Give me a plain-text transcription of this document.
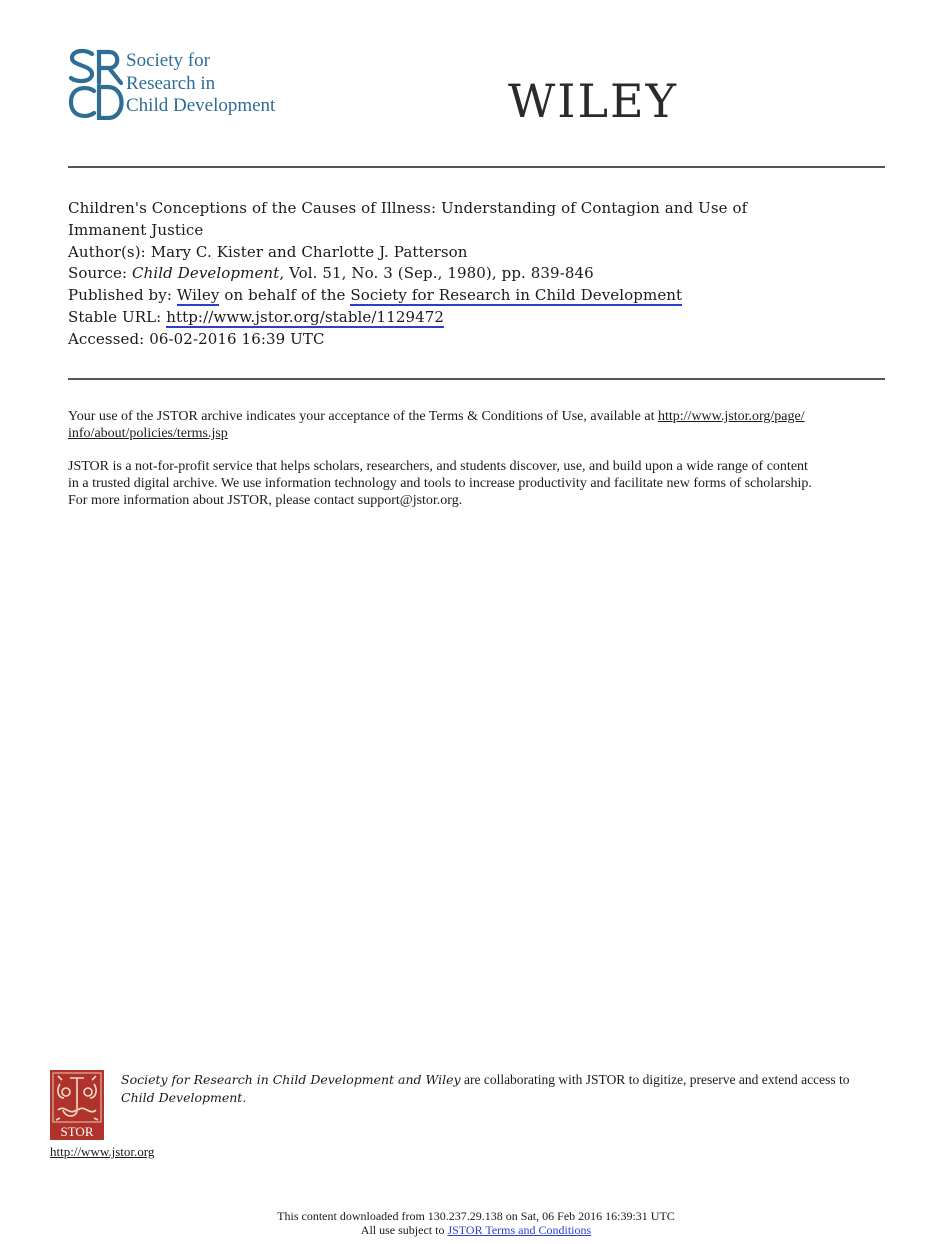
Society for
Research in
Child Development	WILEY
Children's Conceptions of the Causes of Illness: Understanding of Contagion and Use of Immanent Justice
Author(s): Mary C. Kister and Charlotte J. Patterson
Source: Child Development, Vol. 51, No. 3 (Sep., 1980), pp. 839-846
Published by: Wiley on behalf of the Society for Research in Child Development
Stable URL: http://www.jstor.org/stable/1129472
Accessed: 06-02-2016 16:39 UTC

Your use of the JSTOR archive indicates your acceptance of the Terms & Conditions of Use, available at http://www.jstor.org/page/
info/about/policies/terms.jsp

JSTOR is a not-for-profit service that helps scholars, researchers, and students discover, use, and build upon a wide range of content

in a trusted digital archive. We use information technology and tools to increase productivity and facilitate new forms of scholarship.

For more information about JSTOR, please contact support@jstor.org.

STOR
Society for Research in Child Development and Wiley are collaborating with JSTOR to digitize, preserve and extend access to
Child Development.
http://www.jstor.org
This content downloaded from 130.237.29.138 on Sat, 06 Feb 2016 16:39:31 UTC
All use subject to JSTOR Terms and Conditions
